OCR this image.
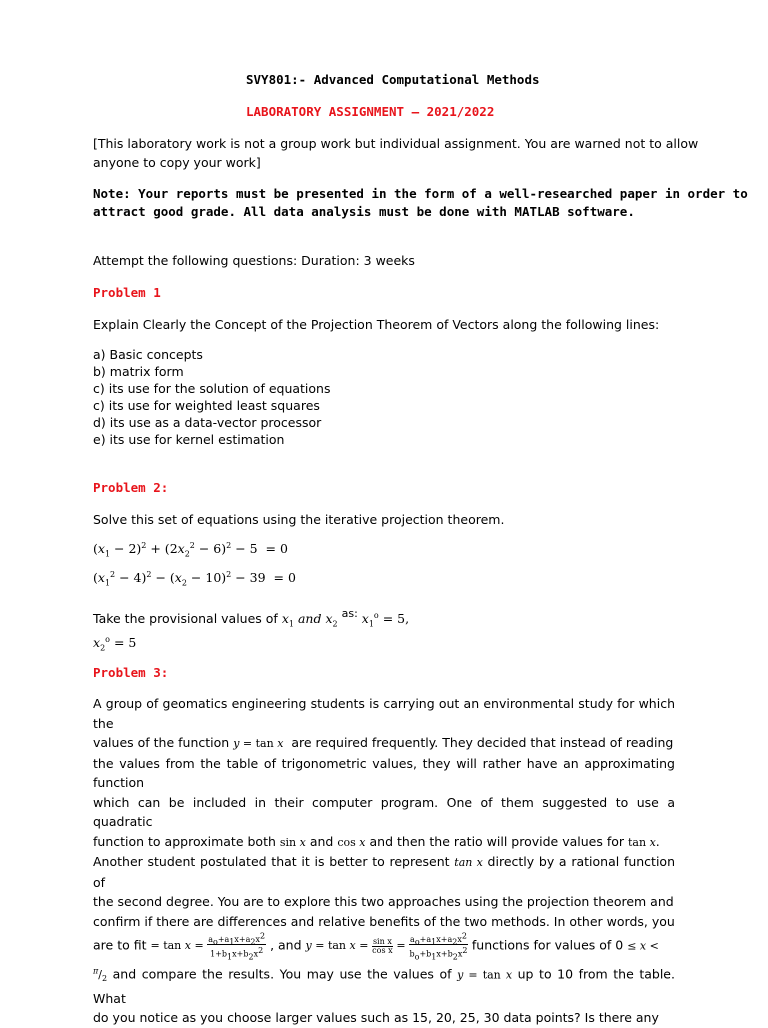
SVY801:- Advanced Computational Methods
LABORATORY ASSIGNMENT – 2021/2022
[This laboratory work is not a group work but individual assignment. You are warned not to allow
anyone to copy your work]
Note: Your reports must be presented in the form of a well-researched paper in order to
attract good grade. All data analysis must be done with MATLAB software.
Attempt the following questions: Duration: 3 weeks
Problem 1
Explain Clearly the Concept of the Projection Theorem of Vectors along the following lines:
a) Basic concepts
b) matrix form
c) its use for the solution of equations
c) its use for weighted least squares
d) its use as a data-vector processor
e) its use for kernel estimation
Problem 2:
Solve this set of equations using the iterative projection theorem.
$(x_1 - 2)^2 + (2x_2^2 - 6)^2 - 5 = 0$
$(x_1^2 - 4)^2 - (x_2 - 10)^2 - 39 = 0$
Take the provisional values of $x_1$ and $x_2$ as: $x_1^o = 5$,
$x_2^o = 5$
Problem 3:
A group of geomatics engineering students is carrying out an environmental study for which the
values of the function y = tan x are required frequently. They decided that instead of reading
the values from the table of trigonometric values, they will rather have an approximating function
which can be included in their computer program. One of them suggested to use a quadratic
function to approximate both sin x and cos x and then the ratio will provide values for tan x.
Another student postulated that it is better to represent tan x directly by a rational function of
the second degree. You are to explore this two approaches using the projection theorem and
confirm if there are differences and relative benefits of the two methods. In other words, you
are to fit = $\tan x = a_o+a_1x+a_2x^2$
$1+b_1x+b_2x^2$ , and y = tan x = sin x
$\cos x = a_o+a_1x+a_2x^2$
$b_o+b_1x+b_2x^2$ functions for values of 0 ≤ x <
$^\pi/_2$ and compare the results. You may use the values of y = tan x up to 10 from the table. What
do you notice as you choose larger values such as 15, 20, 25, 30 data points? Is there any
